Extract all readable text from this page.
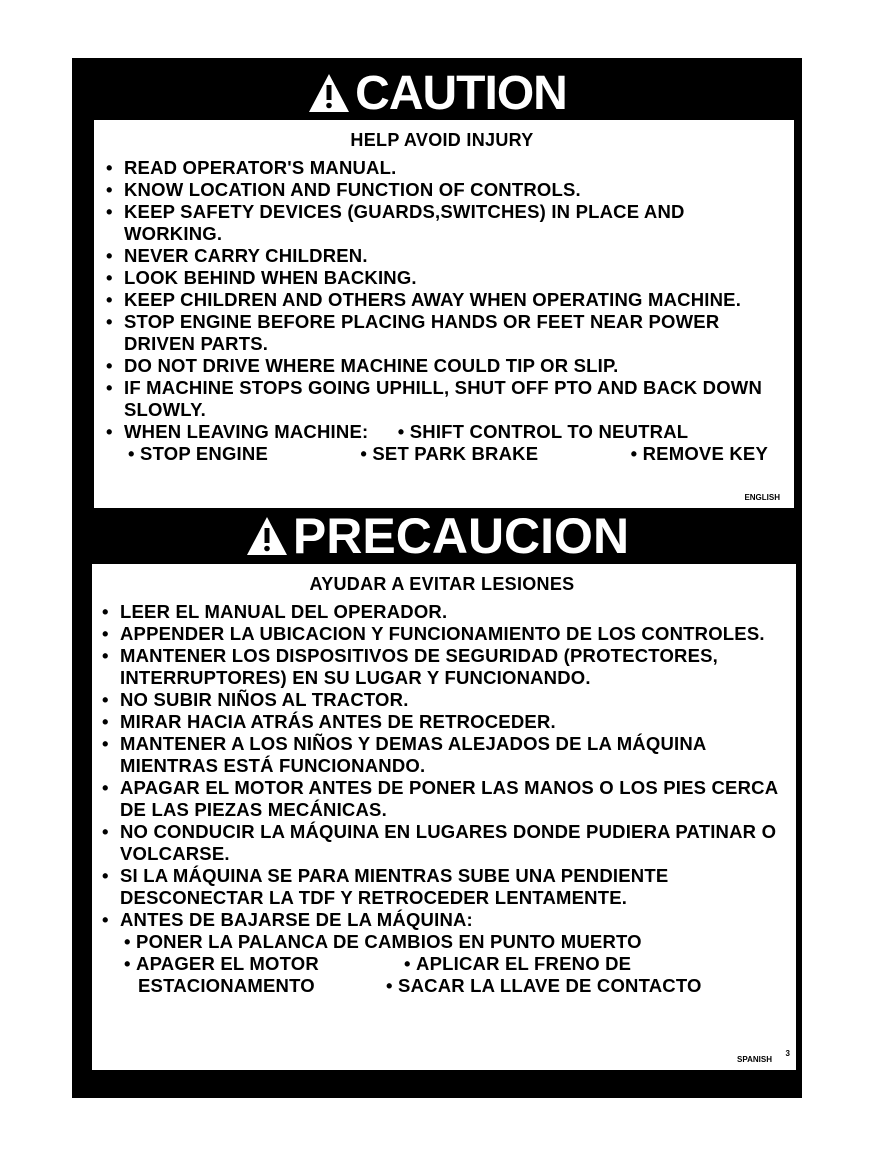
CAUTION
HELP AVOID INJURY
• READ OPERATOR'S MANUAL.
• KNOW LOCATION AND FUNCTION OF CONTROLS.
• KEEP SAFETY DEVICES (GUARDS,SWITCHES) IN PLACE AND WORKING.
• NEVER CARRY CHILDREN.
• LOOK BEHIND WHEN BACKING.
• KEEP CHILDREN AND OTHERS AWAY WHEN OPERATING MACHINE.
• STOP ENGINE BEFORE PLACING HANDS OR FEET NEAR POWER DRIVEN PARTS.
• DO NOT DRIVE WHERE MACHINE COULD TIP OR SLIP.
• IF MACHINE STOPS GOING UPHILL, SHUT OFF PTO AND BACK DOWN SLOWLY.
• WHEN LEAVING MACHINE: • SHIFT CONTROL TO NEUTRAL
• STOP ENGINE	• SET PARK BRAKE	• REMOVE KEY
ENGLISH
PRECAUCION
AYUDAR A EVITAR LESIONES
• LEER EL MANUAL DEL OPERADOR.
• APPENDER LA UBICACION Y FUNCIONAMIENTO DE LOS CONTROLES.
• MANTENER LOS DISPOSITIVOS DE SEGURIDAD (PROTECTORES, INTERRUPTORES) EN SU LUGAR Y FUNCIONANDO.
• NO SUBIR NIÑOS AL TRACTOR.
• MIRAR HACIA ATRÁS ANTES DE RETROCEDER.
• MANTENER A LOS NIÑOS Y DEMAS ALEJADOS DE LA MÁQUINA MIENTRAS ESTÁ FUNCIONANDO.
• APAGAR EL MOTOR ANTES DE PONER LAS MANOS O LOS PIES CERCA DE LAS PIEZAS MECÁNICAS.
• NO CONDUCIR LA MÁQUINA EN LUGARES DONDE PUDIERA PATINAR O VOLCARSE.
• SI LA MÁQUINA SE PARA MIENTRAS SUBE UNA PENDIENTE DESCONECTAR LA TDF Y RETROCEDER LENTAMENTE.
• ANTES DE BAJARSE DE LA MÁQUINA:
•
PONER LA PALANCA DE CAMBIOS EN PUNTO MUERTO
• APAGER EL MOTOR	• APLICAR EL FRENO DE
ESTACIONAMENTO	• SACAR LA LLAVE DE CONTACTO
SPANISH
3
